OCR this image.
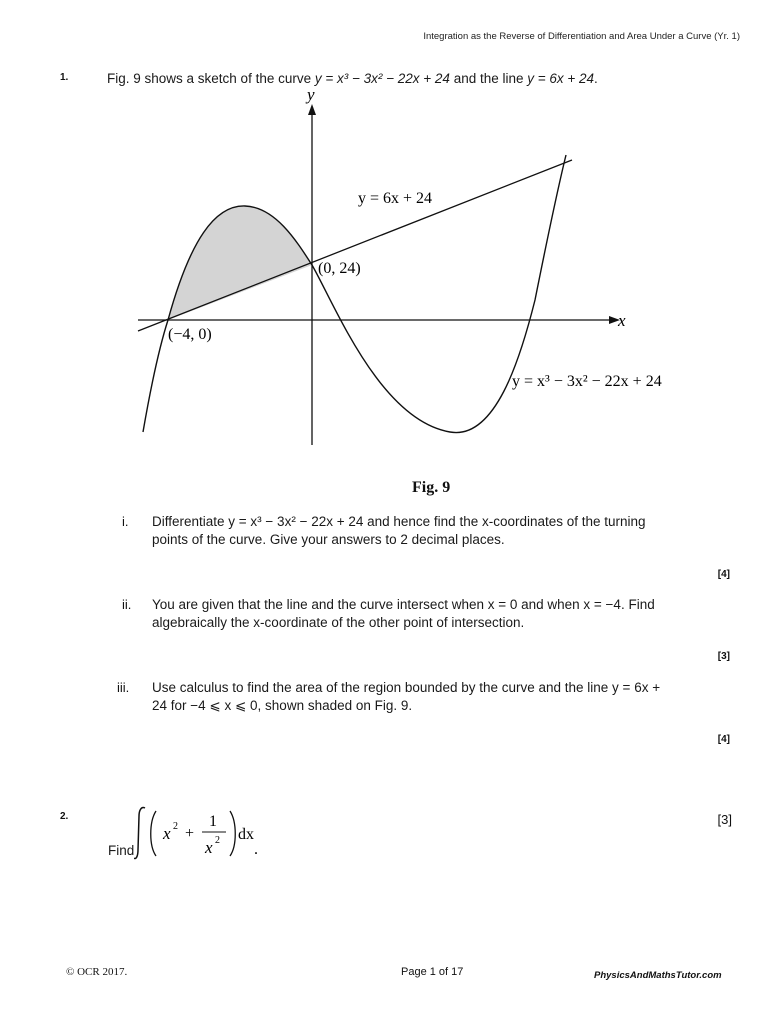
Integration as the Reverse of Differentiation and Area Under a Curve (Yr. 1)
1.	Fig. 9 shows a sketch of the curve y = x³ − 3x² − 22x + 24 and the line y = 6x + 24.
y
x
y = 6x + 24
(0, 24)
(−4, 0)
y = x³ − 3x² − 22x + 24
Fig. 9
i. Differentiate y = x³ − 3x² − 22x + 24 and hence find the x-coordinates of the turning
points of the curve. Give your answers to 2 decimal places.
[4]
ii. You are given that the line and the curve intersect when x = 0 and when x = −4. Find
algebraically the x-coordinate of the other point of intersection.
[3]
iii. Use calculus to find the area of the region bounded by the curve and the line y = 6x +
24 for −4 ⩽ x ⩽ 0, shown shaded on Fig. 9.
[4]
2.
Find
x 2 +
1
x 2 dx
.
[3]
© OCR 2017.	Page 1 of 17	PhysicsAndMathsTutor.com
